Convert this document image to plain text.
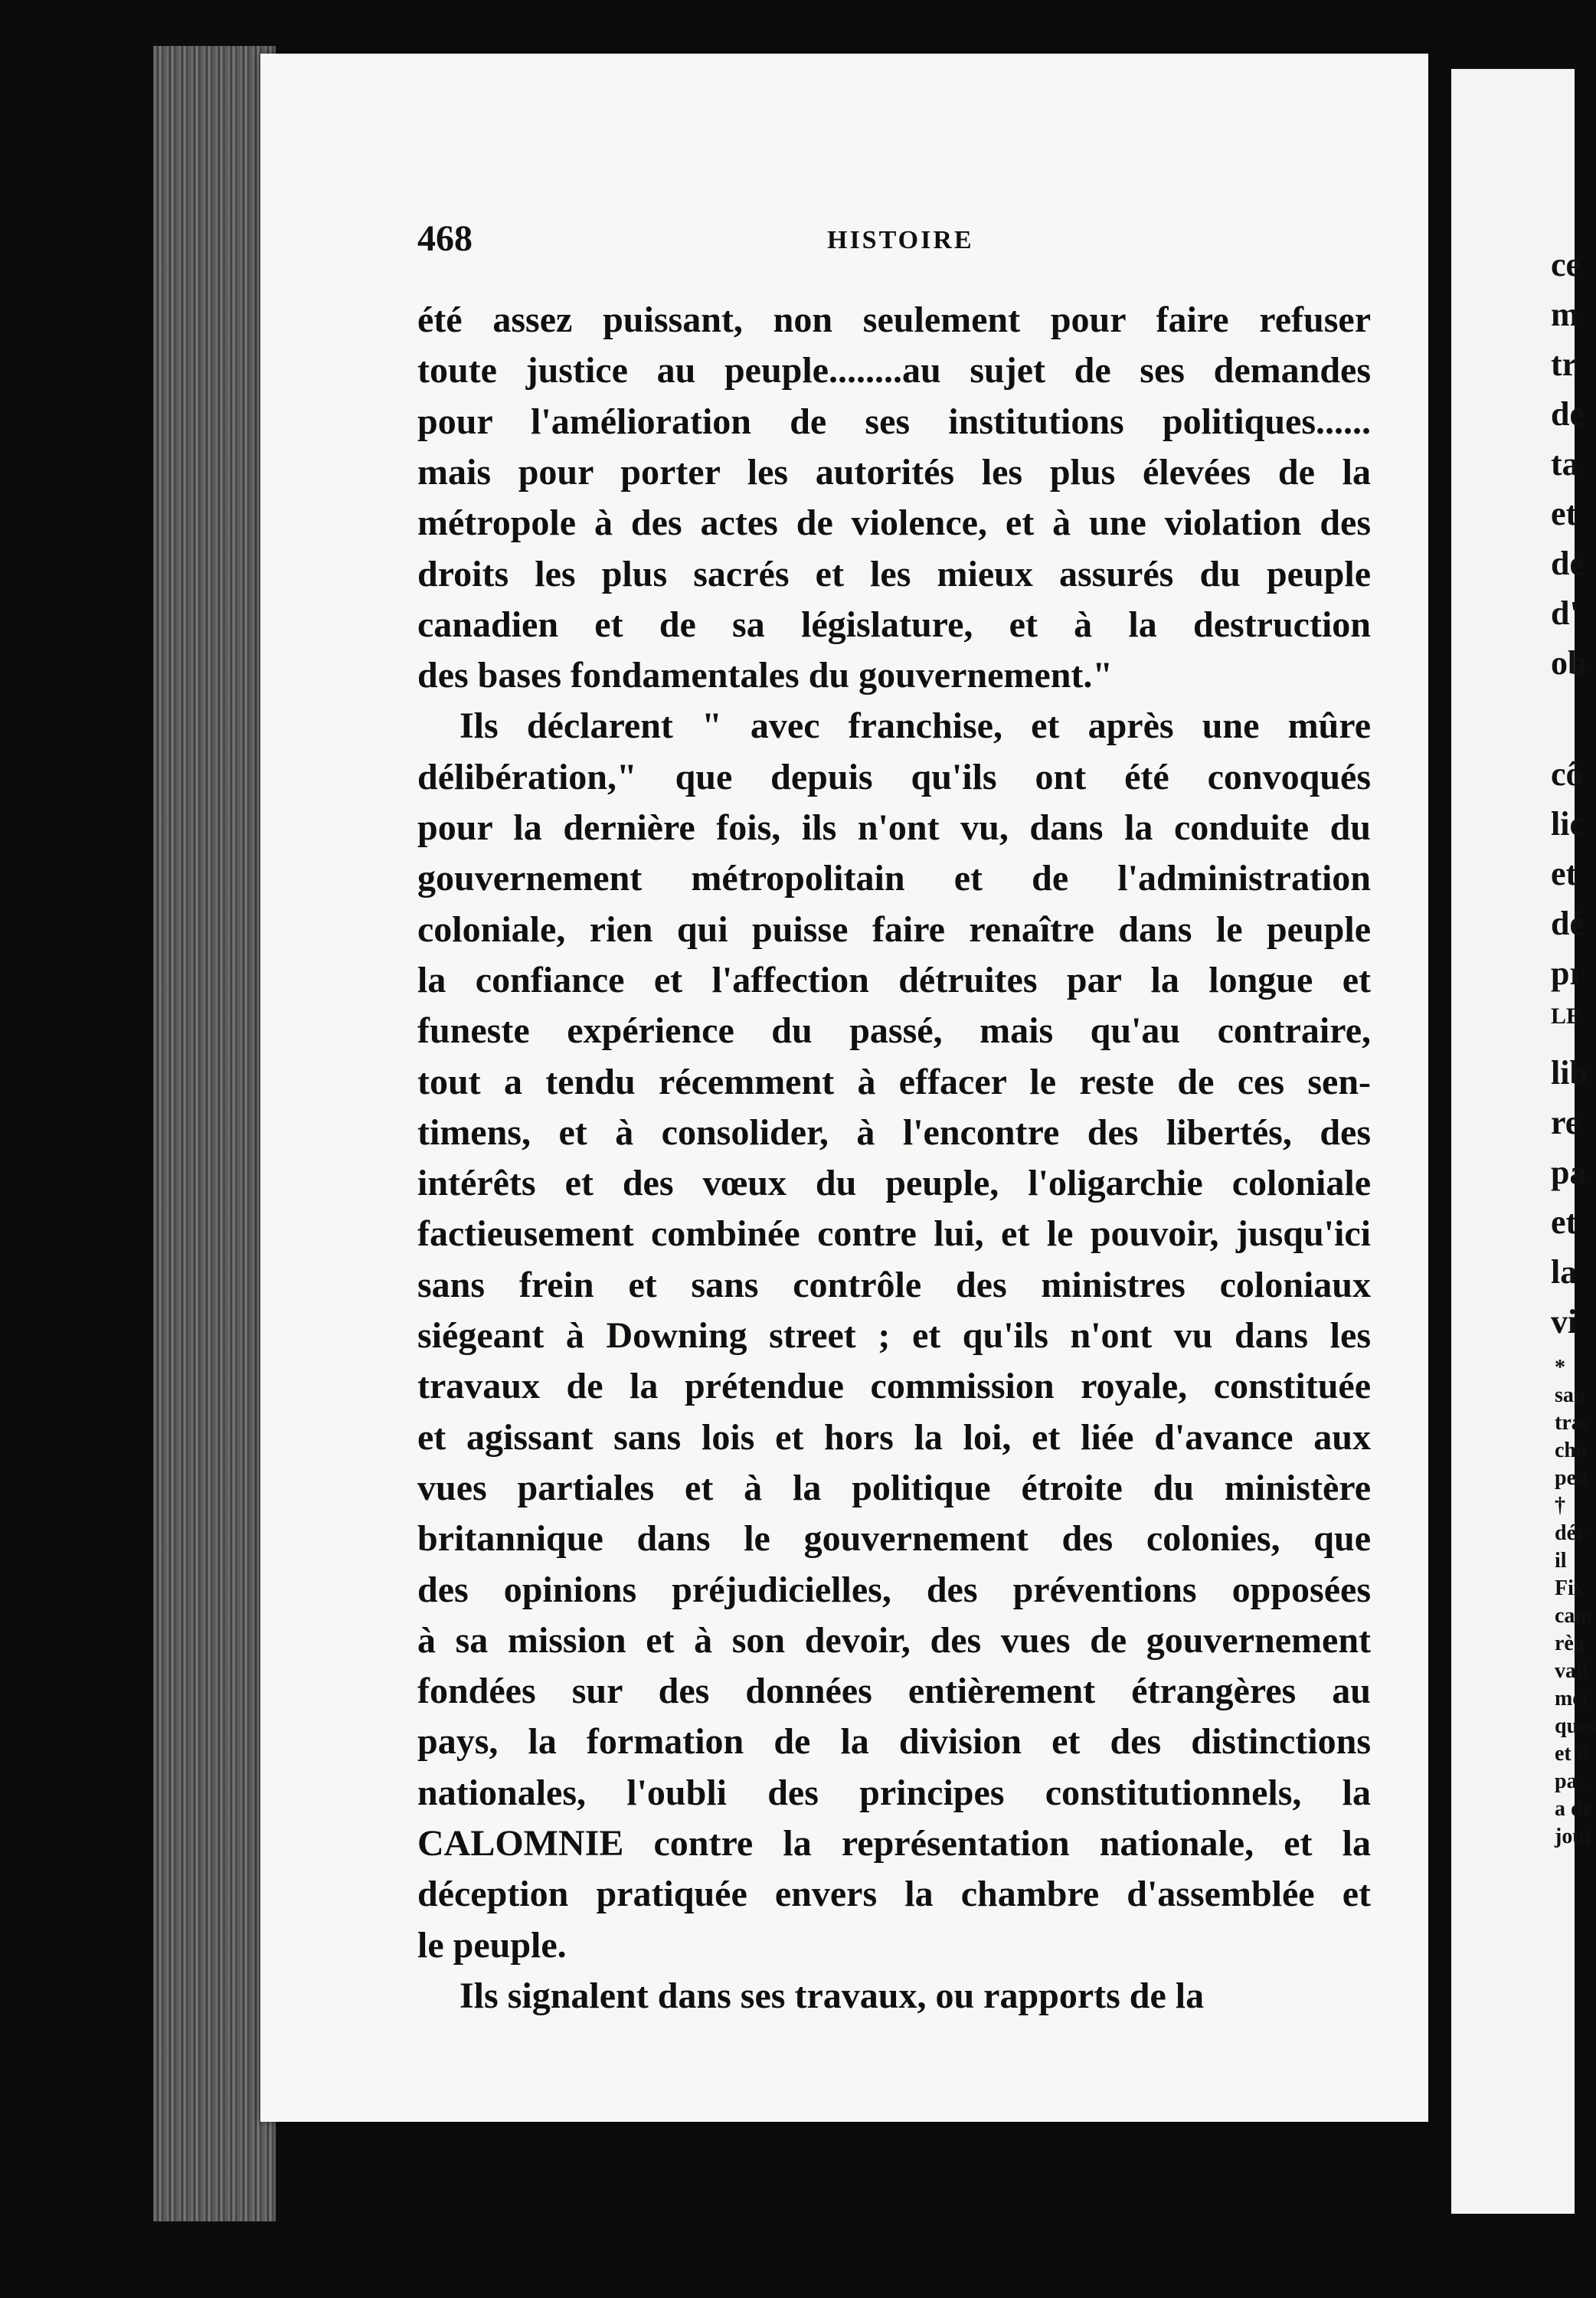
ce
m
tr
de
ta
et
de
d'
ob
cô
lic
et
dé
pr
LE
lib
re
pa
et
la
vi
*
san
trac
cho
peu
†
dér
il
Fix
cam
règ
vail
mer
ques
et d
pas
a de
joui
468	HISTOIRE
été assez puissant, non seulement pour faire refuser
toute justice au peuple........au sujet de ses demandes
pour l'amélioration de ses institutions politiques......
mais pour porter les autorités les plus élevées de la
métropole à des actes de violence, et à une violation des
droits les plus sacrés et les mieux assurés du peuple
canadien et de sa législature, et à la destruction
des bases fondamentales du gouvernement."
Ils déclarent " avec franchise, et après une mûre
délibération," que depuis qu'ils ont été convoqués
pour la dernière fois, ils n'ont vu, dans la conduite du
gouvernement métropolitain et de l'administration
coloniale, rien qui puisse faire renaître dans le peuple
la confiance et l'affection détruites par la longue et
funeste expérience du passé, mais qu'au contraire,
tout a tendu récemment à effacer le reste de ces sen-
timens, et à consolider, à l'encontre des libertés, des
intérêts et des vœux du peuple, l'oligarchie coloniale
factieusement combinée contre lui, et le pouvoir, jusqu'ici
sans frein et sans contrôle des ministres coloniaux
siégeant à Downing street ; et qu'ils n'ont vu dans les
travaux de la prétendue commission royale, constituée
et agissant sans lois et hors la loi, et liée d'avance aux
vues partiales et à la politique étroite du ministère
britannique dans le gouvernement des colonies, que
des opinions préjudicielles, des préventions opposées
à sa mission et à son devoir, des vues de gouvernement
fondées sur des données entièrement étrangères au
pays, la formation de la division et des distinctions
nationales, l'oubli des principes constitutionnels, la
CALOMNIE contre la représentation nationale, et la
déception pratiquée envers la chambre d'assemblée et
le peuple.
Ils signalent dans ses travaux, ou rapports de la
